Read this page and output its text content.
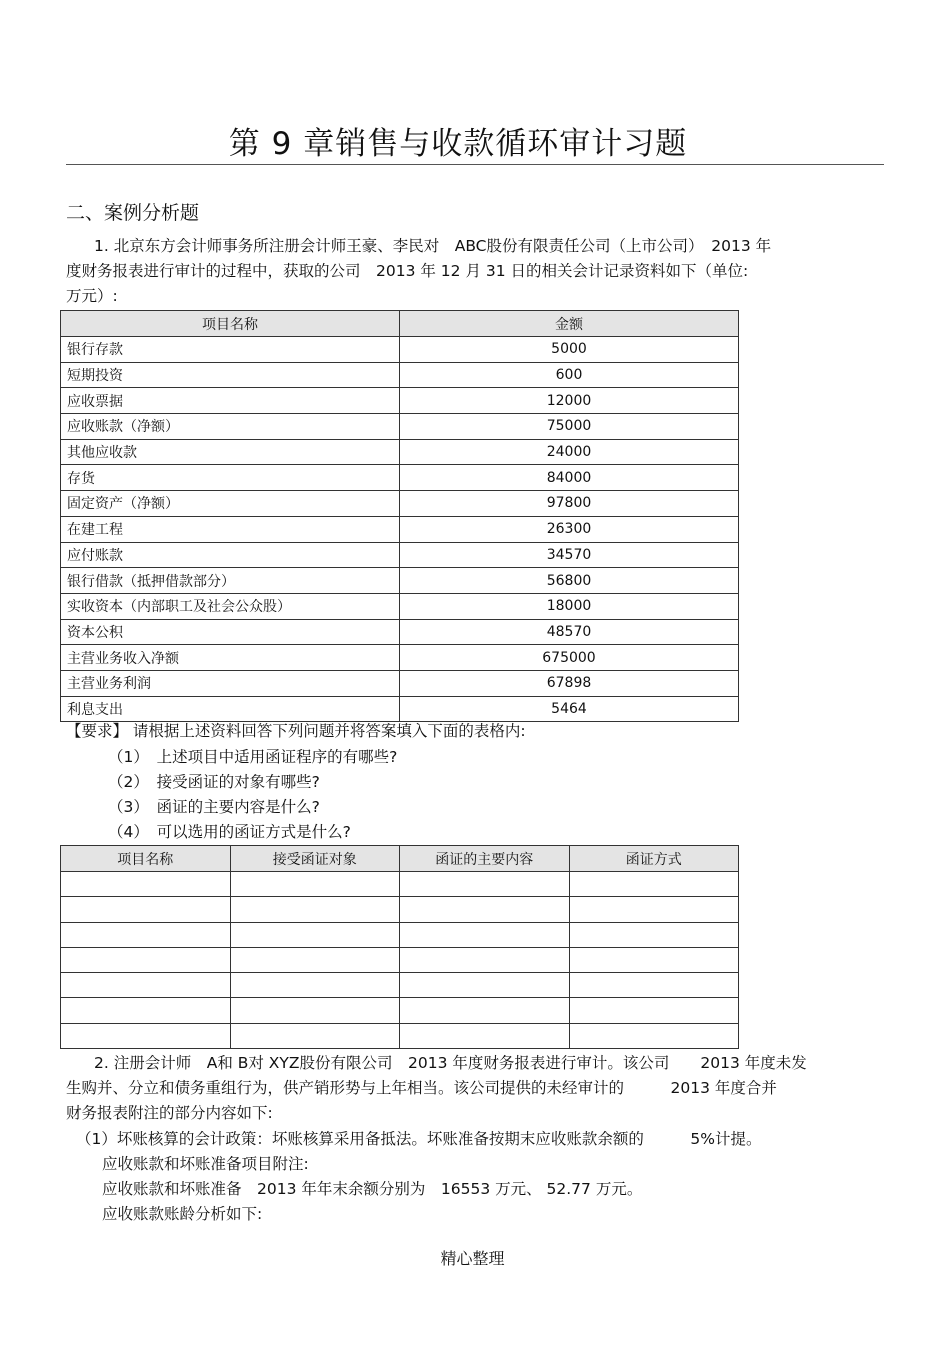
第 9 章销售与收款循环审计习题
二、案例分析题
1. 北京东方会计师事务所注册会计师王豪、李民对　ABC股份有限责任公司（上市公司）　2013 年
度财务报表进行审计的过程中，获取的公司　2013 年 12 月 31 日的相关会计记录资料如下（单位:
万元）:
项目名称	金额
银行存款	5000
短期投资	600
应收票据	12000
应收账款（净额）	75000
其他应收款	24000
存货	84000
固定资产（净额）	97800
在建工程	26300
应付账款	34570
银行借款（抵押借款部分）	56800
实收资本（内部职工及社会公众股）	18000
资本公积	48570
主营业务收入净额	675000
主营业务利润	67898
利息支出	5464
【要求】 请根据上述资料回答下列问题并将答案填入下面的表格内:
（1）　上述项目中适用函证程序的有哪些?
（2）　接受函证的对象有哪些?
（3）　函证的主要内容是什么?
（4）　可以选用的函证方式是什么?
项目名称	接受函证对象	函证的主要内容	函证方式

2. 注册会计师　A和 B对 XYZ股份有限公司　2013 年度财务报表进行审计。该公司　　2013 年度未发
生购并、分立和债务重组行为，供产销形势与上年相当。该公司提供的未经审计的　　　2013 年度合并
财务报表附注的部分内容如下:
（1）坏账核算的会计政策：坏账核算采用备抵法。坏账准备按期末应收账款余额的　　　5%计提。
应收账款和坏账准备项目附注:
应收账款和坏账准备　2013 年年末余额分别为　16553 万元、 52.77 万元。
应收账款账龄分析如下:
精心整理
